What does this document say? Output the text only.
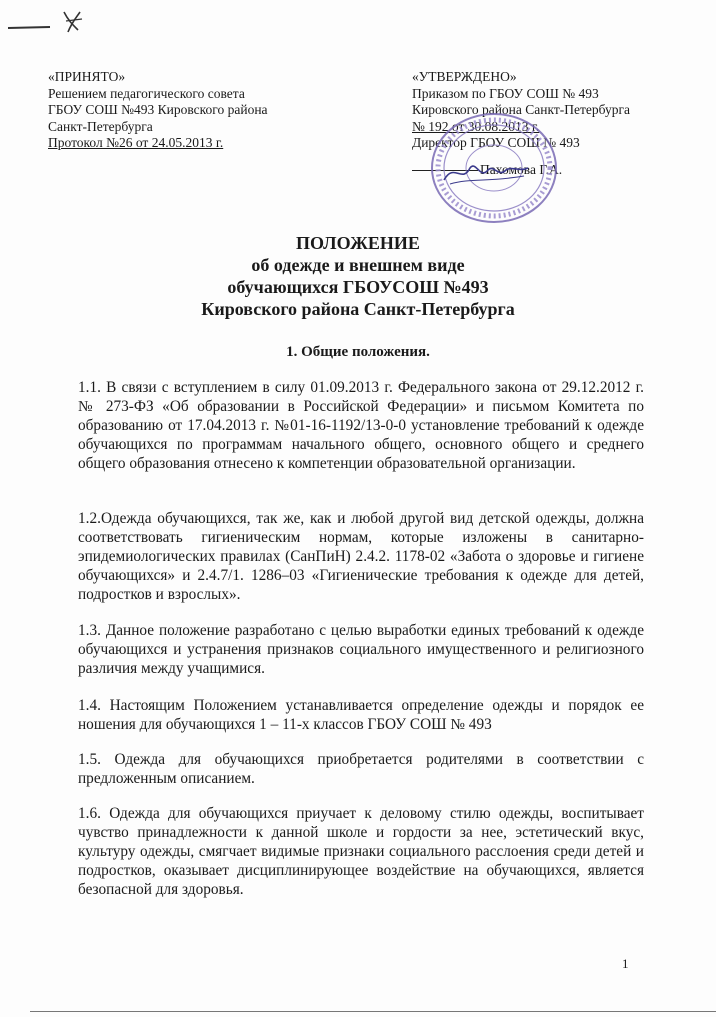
«ПРИНЯТО»
Решением педагогического совета
ГБОУ СОШ №493 Кировского района
Санкт-Петербурга
Протокол №26 от 24.05.2013 г.
«УТВЕРЖДЕНО»
Приказом по ГБОУ СОШ № 493
Кировского района Санкт-Петербурга
№ 192 от 30.08.2013 г.
Директор ГБОУ СОШ № 493
Пахомова Г.А.
ПОЛОЖЕНИЕ
об одежде и внешнем виде
обучающихся ГБОУСОШ №493
Кировского района Санкт-Петербурга
1. Общие положения.

1.1. В связи с вступлением в силу 01.09.2013 г. Федерального закона от 29.12.2012 г. № 273-ФЗ «Об образовании в Российской Федерации» и письмом Комитета по образованию от 17.04.2013 г. №01-16-1192/13-0-0 установление требований к одежде обучающихся по программам начального общего, основного общего и среднего общего образования отнесено к компетенции образовательной организации.

1.2.Одежда обучающихся, так же, как и любой другой вид детской одежды, должна соответствовать гигиеническим нормам, которые изложены в санитарно-эпидемиологических правилах (СанПиН) 2.4.2. 1178-02 «Забота о здоровье и гигиене обучающихся» и 2.4.7/1. 1286–03 «Гигиенические требования к одежде для детей, подростков и взрослых».

1.3. Данное положение разработано с целью выработки единых требований к одежде обучающихся и устранения признаков социального имущественного и религиозного различия между учащимися.

1.4. Настоящим Положением устанавливается определение одежды и порядок ее ношения для обучающихся 1 – 11-х классов ГБОУ СОШ № 493

1.5. Одежда для обучающихся приобретается родителями в соответствии с предложенным описанием.

1.6. Одежда для обучающихся приучает к деловому стилю одежды, воспитывает чувство принадлежности к данной школе и гордости за нее, эстетический вкус, культуру одежды, смягчает видимые признаки социального расслоения среди детей и подростков, оказывает дисциплинирующее воздействие на обучающихся, является безопасной для здоровья.

1
